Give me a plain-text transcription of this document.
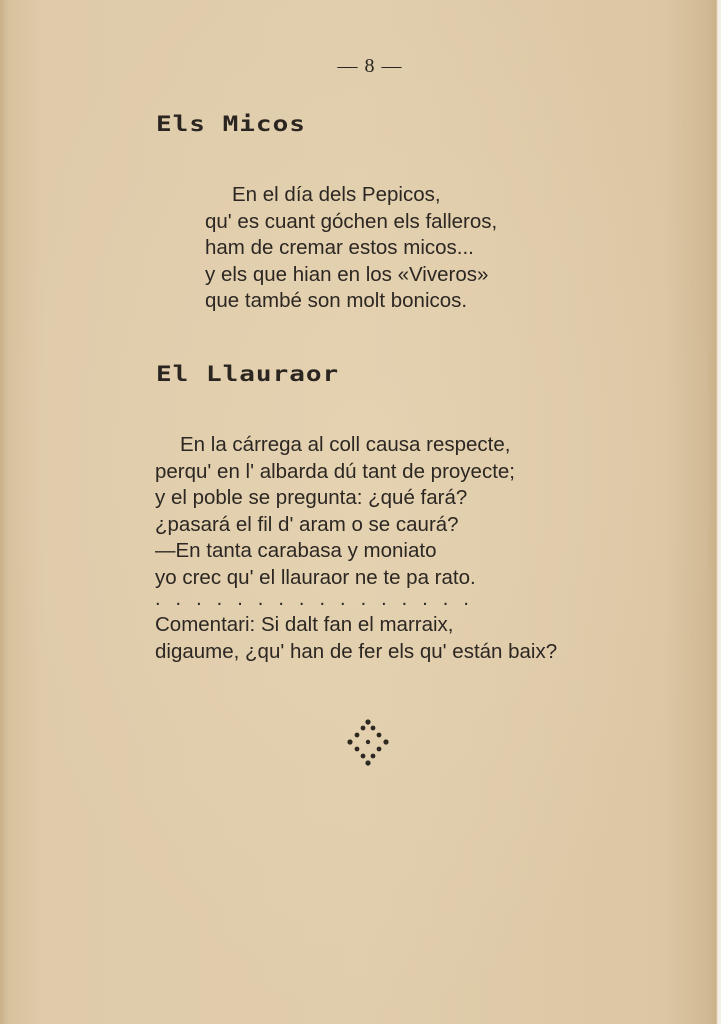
— 8 —
Els Micos
En el día dels Pepicos,
qu' es cuant góchen els falleros,
ham de cremar estos micos...
y els que hian en los «Viveros»
que també son molt bonicos.
El Llauraor
En la cárrega al coll causa respecte,
perqu' en l' albarda dú tant de proyecte;
y el poble se pregunta: ¿qué fará?
¿pasará el fil d' aram o se caurá?
—En tanta carabasa y moniato
yo crec qu' el llauraor ne te pa rato.
................
Comentari: Si dalt fan el marraix,
digaume, ¿qu' han de fer els qu' están baix?
